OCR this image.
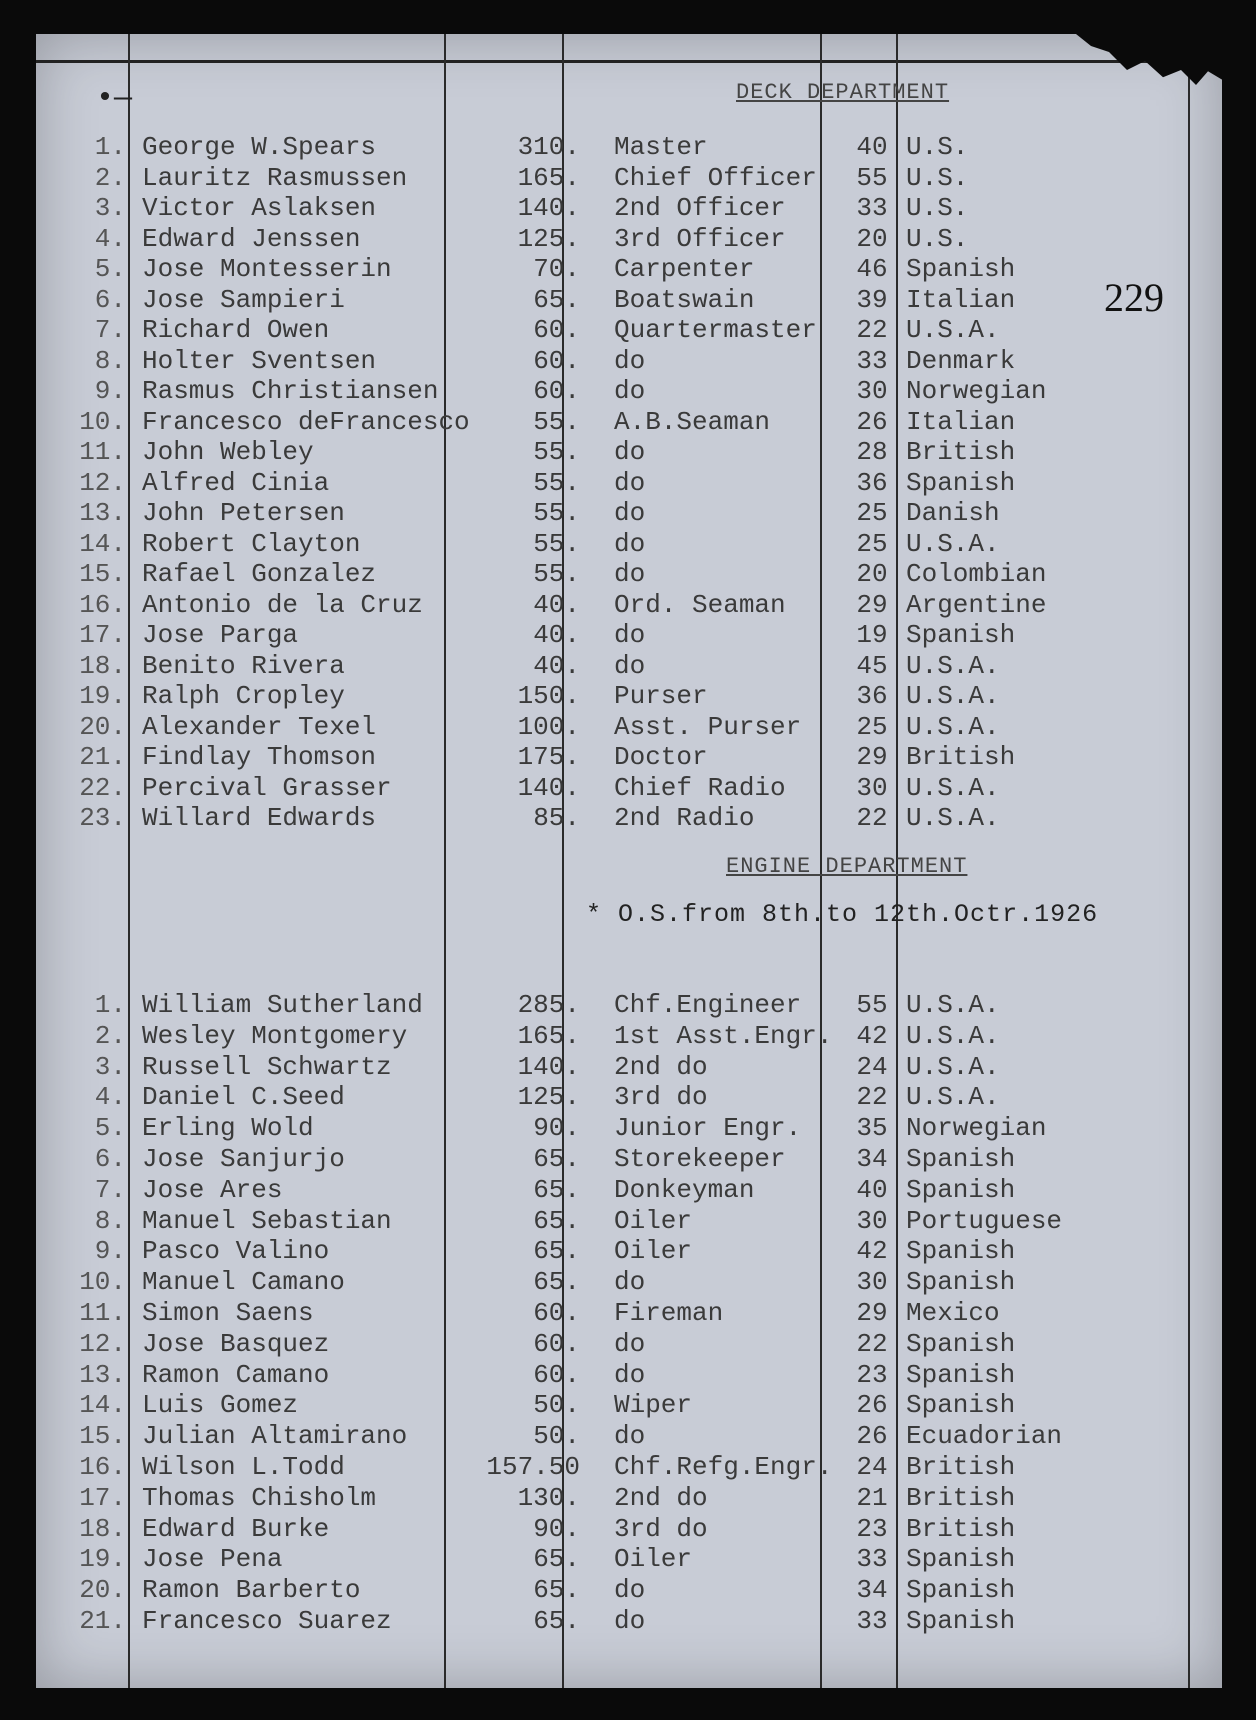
•—	DECK DEPARTMENT
229
1. George W.Spears	310. Master	40 U.S.
2. Lauritz Rasmussen	165. Chief Officer	55 U.S.
3. Victor Aslaksen	140. 2nd Officer	33 U.S.
4. Edward Jenssen	125. 3rd Officer	20 U.S.
5. Jose Montesserin	70. Carpenter	46 Spanish
6. Jose Sampieri	65. Boatswain	39 Italian
7. Richard Owen	60. Quartermaster	22 U.S.A.
8. Holter Sventsen	60. do	33 Denmark
9. Rasmus Christiansen	60. do	30 Norwegian
10. Francesco deFrancesco	55. A.B.Seaman	26 Italian
11. John Webley	55. do	28 British
12. Alfred Cinia	55. do	36 Spanish
13. John Petersen	55. do	25 Danish
14. Robert Clayton	55. do	25 U.S.A.
15. Rafael Gonzalez	55. do	20 Colombian
16. Antonio de la Cruz	40. Ord. Seaman	29 Argentine
17. Jose Parga	40. do	19 Spanish
18. Benito Rivera	40. do	45 U.S.A.
19. Ralph Cropley	150. Purser	36 U.S.A.
20. Alexander Texel	100. Asst. Purser	25 U.S.A.
21. Findlay Thomson	175. Doctor	29 British
22. Percival Grasser	140. Chief Radio	30 U.S.A.
23. Willard Edwards	85. 2nd Radio	22 U.S.A.
* O.S.from 8th.to 12th.Octr.1926
ENGINE DEPARTMENT
1. William Sutherland	285. Chf.Engineer	55 U.S.A.
2. Wesley Montgomery	165. 1st Asst.Engr. 42 U.S.A.
3. Russell Schwartz	140. 2nd do	24 U.S.A.
4. Daniel C.Seed	125. 3rd do	22 U.S.A.
5. Erling Wold	90. Junior Engr.	35 Norwegian
6. Jose Sanjurjo	65. Storekeeper	34 Spanish
7. Jose Ares	65. Donkeyman	40 Spanish
8. Manuel Sebastian	65. Oiler	30 Portuguese
9. Pasco Valino	65. Oiler	42 Spanish
10. Manuel Camano	65. do	30 Spanish
11. Simon Saens	60. Fireman	29 Mexico
12. Jose Basquez	60. do	22 Spanish
13. Ramon Camano	60. do	23 Spanish
14. Luis Gomez	50. Wiper	26 Spanish
15. Julian Altamirano	50. do	26 Ecuadorian
16. Wilson L.Todd	157.50 Chf.Refg.Engr. 24 British
17. Thomas Chisholm	130. 2nd do	21 British
18. Edward Burke	90. 3rd do	23 British
19. Jose Pena	65. Oiler	33 Spanish
20. Ramon Barberto	65. do	34 Spanish
21. Francesco Suarez	65. do	33 Spanish
